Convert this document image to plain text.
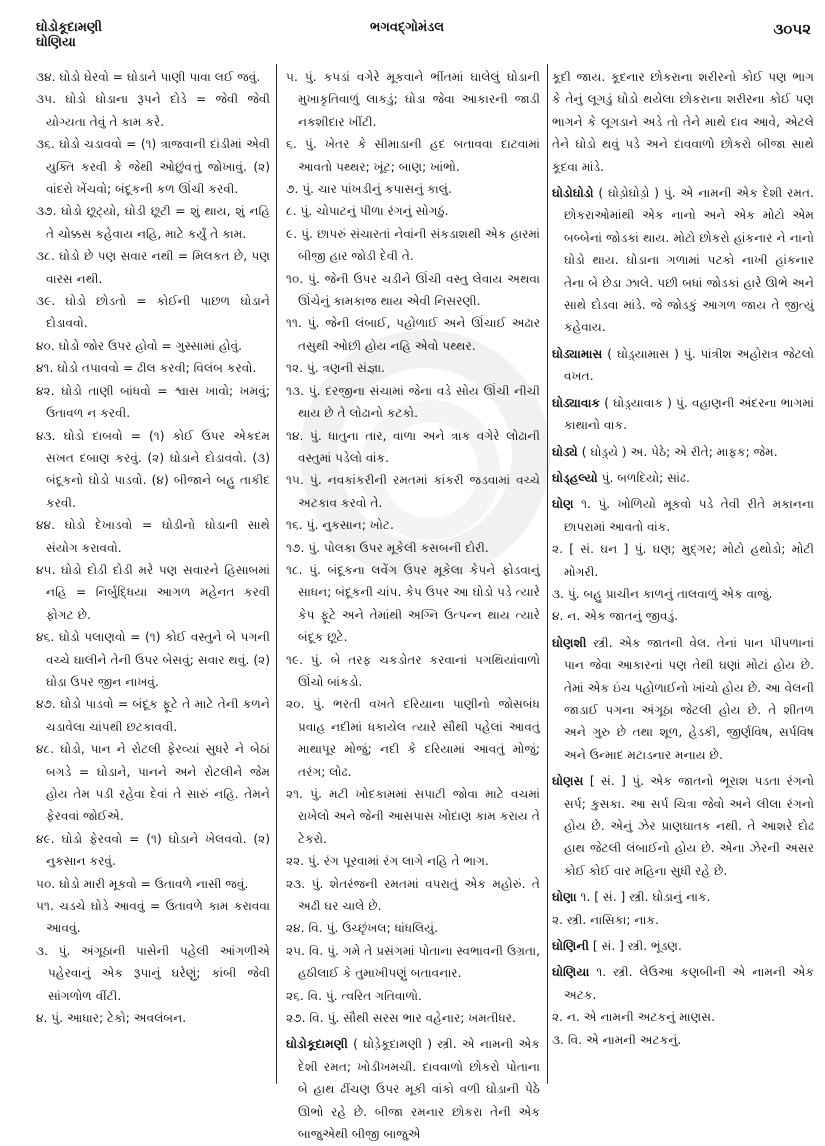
ઘોડોકૂદામણી
ઘોણિયા
ભગવદ્ગોમંડલ	૩૦૫૨

૩૪. ઘોડો ઘેરવો = ઘોડાને પાણી પાવા લઈ જવું.

૩૫. ઘોડો ઘોડાના રૂપને દોડે = જેવી જેવી યોગ્યતા તેવું તે કામ કરે.

૩૬. ઘોડો ચડાવવો = (૧) ત્રાજવાની દાંડીમાં એવી યુક્તિ કરવી કે જેથી ઓછુંવત્તું જોખાવું. (૨) વાંદરો ખેંચવો; બંદૂકની કળ ઊંચી કરવી.

૩૭. ઘોડો છૂટ્યો, ઘોડી છૂટી = શું થાય, શું નહિ તે ચોક્કસ કહેવાય નહિ, માટે કર્યું તે કામ.

૩૮. ઘોડો છે પણ સવાર નથી = મિલકત છે, પણ વારસ નથી.

૩૯. ઘોડો છોડતો = કોઈની પાછળ ઘોડાને દોડાવવો.

૪૦. ઘોડો જોર ઉપર હોવો = ગુસ્સામાં હોવું.

૪૧. ઘોડો તપાવવો = ઢીલ કરવી; વિલંબ કરવો.

૪૨. ઘોડો તાણી બાંધવો = શ્વાસ ખાવો; ખમવું; ઉતાવળ ન કરવી.

૪૩. ઘોડો દાબવો = (૧) કોઈ ઉપર એકદમ સખત દબાણ કરવું. (૨) ઘોડાને દોડાવવો. (૩) બંદૂકનો ઘોડો પાડવો. (૪) બીજાને બહુ તાકીદ કરવી.

૪૪. ઘોડો દેખાડવો = ઘોડીનો ઘોડાની સાથે સંયોગ કરાવવો.

૪૫. ઘોડો દોડી દોડી મરે પણ સવારને હિસાબમાં નહિ = નિર્બુદ્ધિયા આગળ મહેનત કરવી ફોગટ છે.

૪૬. ઘોડો પલાણવો = (૧) કોઈ વસ્તુને બે પગની વચ્ચે ઘાલીને તેની ઉપર બેસવું; સવાર થવું. (૨) ઘોડા ઉપર જીન નાખવું.

૪૭. ઘોડો પાડવો = બંદૂક ફૂટે તે માટે તેની કળને ચડાવેલા ચાંપથી છટકાવવી.

૪૮. ઘોડો, પાન ને રોટલી ફેરવ્યાં સુધરે ને બેઠાં બગડે = ઘોડાને, પાનને અને રોટલીને જેમ હોય તેમ પડી રહેવા દેવાં તે સારું નહિ. તેમને ફેરવવાં જોઈએ.

૪૯. ઘોડો ફેરવવો = (૧) ઘોડાને ખેલવવો. (૨) નુકસાન કરવું.

૫૦. ઘોડો મારી મૂકવો = ઉતાવળે નાસી જવું.

૫૧. ચડચે ઘોડે આવવું = ઉતાવળે કામ કરાવવા આવવું.

૩. પું. અંગૂઠાની પાસેની પહેલી આંગળીએ પહેરવાનું એક રૂપાનું ઘરેણું; કાંબી જેવી સાંગળોળ વીંટી.

૪. પું. આધાર; ટેકો; અવલંબન.

૫. પું. કપડાં વગેરે મૂકવાને ભીંતમાં ઘાલેલું ઘોડાની મુખાકૃતિવાળું લાકડું; ઘોડા જેવા આકારની જાડી નકશીદાર ખીંટી.

૬. પું. ખેતર કે સીમાડાની હદ બતાવવા દાટવામાં આવતો પથ્થર; ખૂંટ; બાણ; ખાંભો.

૭. પું. ચાર પાંખડીનું કપાસનું કાલું.

૮. પું. ચોપાટનું પીળા રંગનું સોગઠું.

૯. પું. છાપરું સંચારતાં નેવાંની સંકડાશથી એક હારમાં બીજી હાર જોડી દેવી તે.

૧૦. પું. જેની ઉપર ચડીને ઊંચી વસ્તુ લેવાય અથવા ઊંચેનું કામકાજ થાય એવી નિસરણી.

૧૧. પું. જેની લંબાઈ, પહોળાઈ અને ઊંચાઈ અઢાર તસુથી ઓછી હોય નહિ એવો પથ્થર.

૧૨. પું. ત્રણની સંજ્ઞા.

૧૩. પું. દરજીના સંચામાં જેના વડે સોય ઊંચી નીચી થાય છે તે લોઢાનો કટકો.

૧૪. પું. ધાતુના તાર, વાળા અને ત્રાક વગેરે લોઢાની વસ્તુમાં પડેલો વાંક.

૧૫. પું. નવકાંકરીની રમતમાં કાંકરી જડવામાં વચ્ચે અટકાવ કરવો તે.

૧૬. પું. નુકસાન; ખોટ.

૧૭. પું. પોલકા ઉપર મૂકેલી કસબની દોરી.

૧૮. પું. બંદૂકના લવેંગ ઉપર મૂકેલા કેપને ફોડવાનું સાધન; બંદૂકની ચાંપ. કેપ ઉપર આ ઘોડો પડે ત્યારે કેપ ફૂટે અને તેમાંથી અગ્નિ ઉત્પન્ન થાય ત્યારે બંદૂક છૂટે.

૧૯. પું. બે તરફ ચકડોતર કરવાનાં પગથિયાંવાળો ઊંચો બાંકડો.

૨૦. પું. ભરતી વખતે દરિયાના પાણીનો જોસબંધ પ્રવાહ નદીમાં ધકાયેલ ત્યારે સૌથી પહેલાં આવતું માથાપૂર મોજું; નદી કે દરિયામાં આવતું મોજું; તરંગ; લોઢ.

૨૧. પું. મટી ખોદકામમાં સપાટી જોવા માટે વચમાં રાખેલો અને જેની આસપાસ ખોદાણ કામ કરાય તે ટેકરો.

૨૨. પું. રંગ પૂરવામાં રંગ લાગે નહિ તે ભાગ.

૨૩. પું. શેતરંજની રમતમાં વપરાતું એક મહોરું. તે અઢી ઘર ચાલે છે.

૨૪. વિ. પું. ઉચ્છૃંખલ; ધાંધલિયું.

૨૫. વિ. પું. ગમે તે પ્રસંગમાં પોતાના સ્વભાવની ઉગ્રતા, હઠીલાઈ કે તુમાખીપણું બતાવનાર.

૨૬. વિ. પું. ત્વરિત ગતિવાળો.

૨૭. વિ. પું. સૌથી સરસ ભાર વહેનાર; ખમતીધર.

ઘોડોકૂદામણી ( ઘોડ઼ેકૂદામણી ) સ્ત્રી. એ નામની એક દેશી રમત; ખોડીખમચી. દાવવાળો છોકરો પોતાના બે હાથ ઢીંચણ ઉપર મૂકી વાંકો વળી ઘોડાની પેઠે ઊભો રહે છે. બીજા રમનાર છોકરા તેની એક બાજુએથી બીજી બાજુએ

કૂદી જાય. કૂદનાર છોકરાના શરીરનો કોઈ પણ ભાગ કે તેનું લૂગડું ઘોડો થયેલા છોકરાના શરીરના કોઈ પણ ભાગને કે લૂગડાને અડે તો તેને માથે દાવ આવે, એટલે તેને ઘોડો થવું પડે અને દાવવાળો છોકરો બીજા સાથે કૂદવા માંડે.

ઘોડોઘોડો ( ઘોડ઼ોઘોડ઼ો ) પું. એ નામની એક દેશી રમત. છોકરાઓમાંથી એક નાનો અને એક મોટો એમ બબ્બેનાં જોડકાં થાય. મોટો છોકરો હાંકનાર ને નાનો ઘોડો થાય. ઘોડાના ગળામાં પટકો નાખી હાંકનાર તેના બે છેડા ઝાલે. પછી બધાં જોડકાં હારે ઊભે અને સાથે દોડવા માંડે. જે જોડકું આગળ જાય તે જીત્યું કહેવાય.

ઘોડ્યામાસ ( ઘોડ઼્યામાસ ) પું. પાંત્રીશ અહોરાત્ર જેટલો વખત.

ઘોડ્યાવાક ( ઘોડ઼્યાવાક ) પું. વહાણની અંદરના ભાગમાં કાથાનો વાક.

ઘોડ્યે ( ઘોડ઼્યે ) અ. પેઠે; એ રીતે; માફક; જેમ.

ઘોડ્હલ્યો પું. બળદિયો; સાંઢ.

ઘોણ ૧. પું. ખોળિયો મૂકવો પડે તેવી રીતે મકાનના છાપરામાં આવતો વાંક.

૨. [ સં. ઘન ] પું. ઘણ; મુદ્ગર; મોટો હથોડો; મોટી મોગરી.

૩. પું. બહુ પ્રાચીન કાળનું તાલવાળું એક વાજું.

૪. ન. એક જાતનું જીવડું.

ઘોણશી સ્ત્રી. એક જાતની વેલ. તેનાં પાન પીપળાનાં પાન જેવા આકારનાં પણ તેથી ઘણાં મોટાં હોય છે. તેમાં એક ઇંચ પહોળાઈનો ખાંચો હોય છે. આ વેલની જાડાઈ પગના અંગૂઠા જેટલી હોય છે. તે શીતળ અને ગુરુ છે તથા શૂળ, હેડકી, જીર્ણવિષ, સર્પવિષ અને ઉન્માદ મટાડનાર મનાય છે.

ઘોણસ [ સં. ] પું. એક જાતનો ભૂરાશ પડતા રંગનો સર્પ; કુસકા. આ સર્પ ચિત્રા જેવો અને લીલા રંગનો હોય છે. એનું ઝેર પ્રાણઘાતક નથી. તે આશરે દોઢ હાથ જેટલી લંબાઈનો હોય છે. એના ઝેરની અસર કોઈ કોઈ વાર મહિના સુધી રહે છે.

ઘોણા ૧. [ સં. ] સ્ત્રી. ઘોડાનું નાક.

૨. સ્ત્રી. નાસિકા; નાક.

ઘોણિની [ સં. ] સ્ત્રી. ભૂંડણ.

ઘોણિયા ૧. સ્ત્રી. લેઉઆ કણબીની એ નામની એક અટક.

૨. ન. એ નામની અટકનું માણસ.

૩. વિ. એ નામની અટકનું.
